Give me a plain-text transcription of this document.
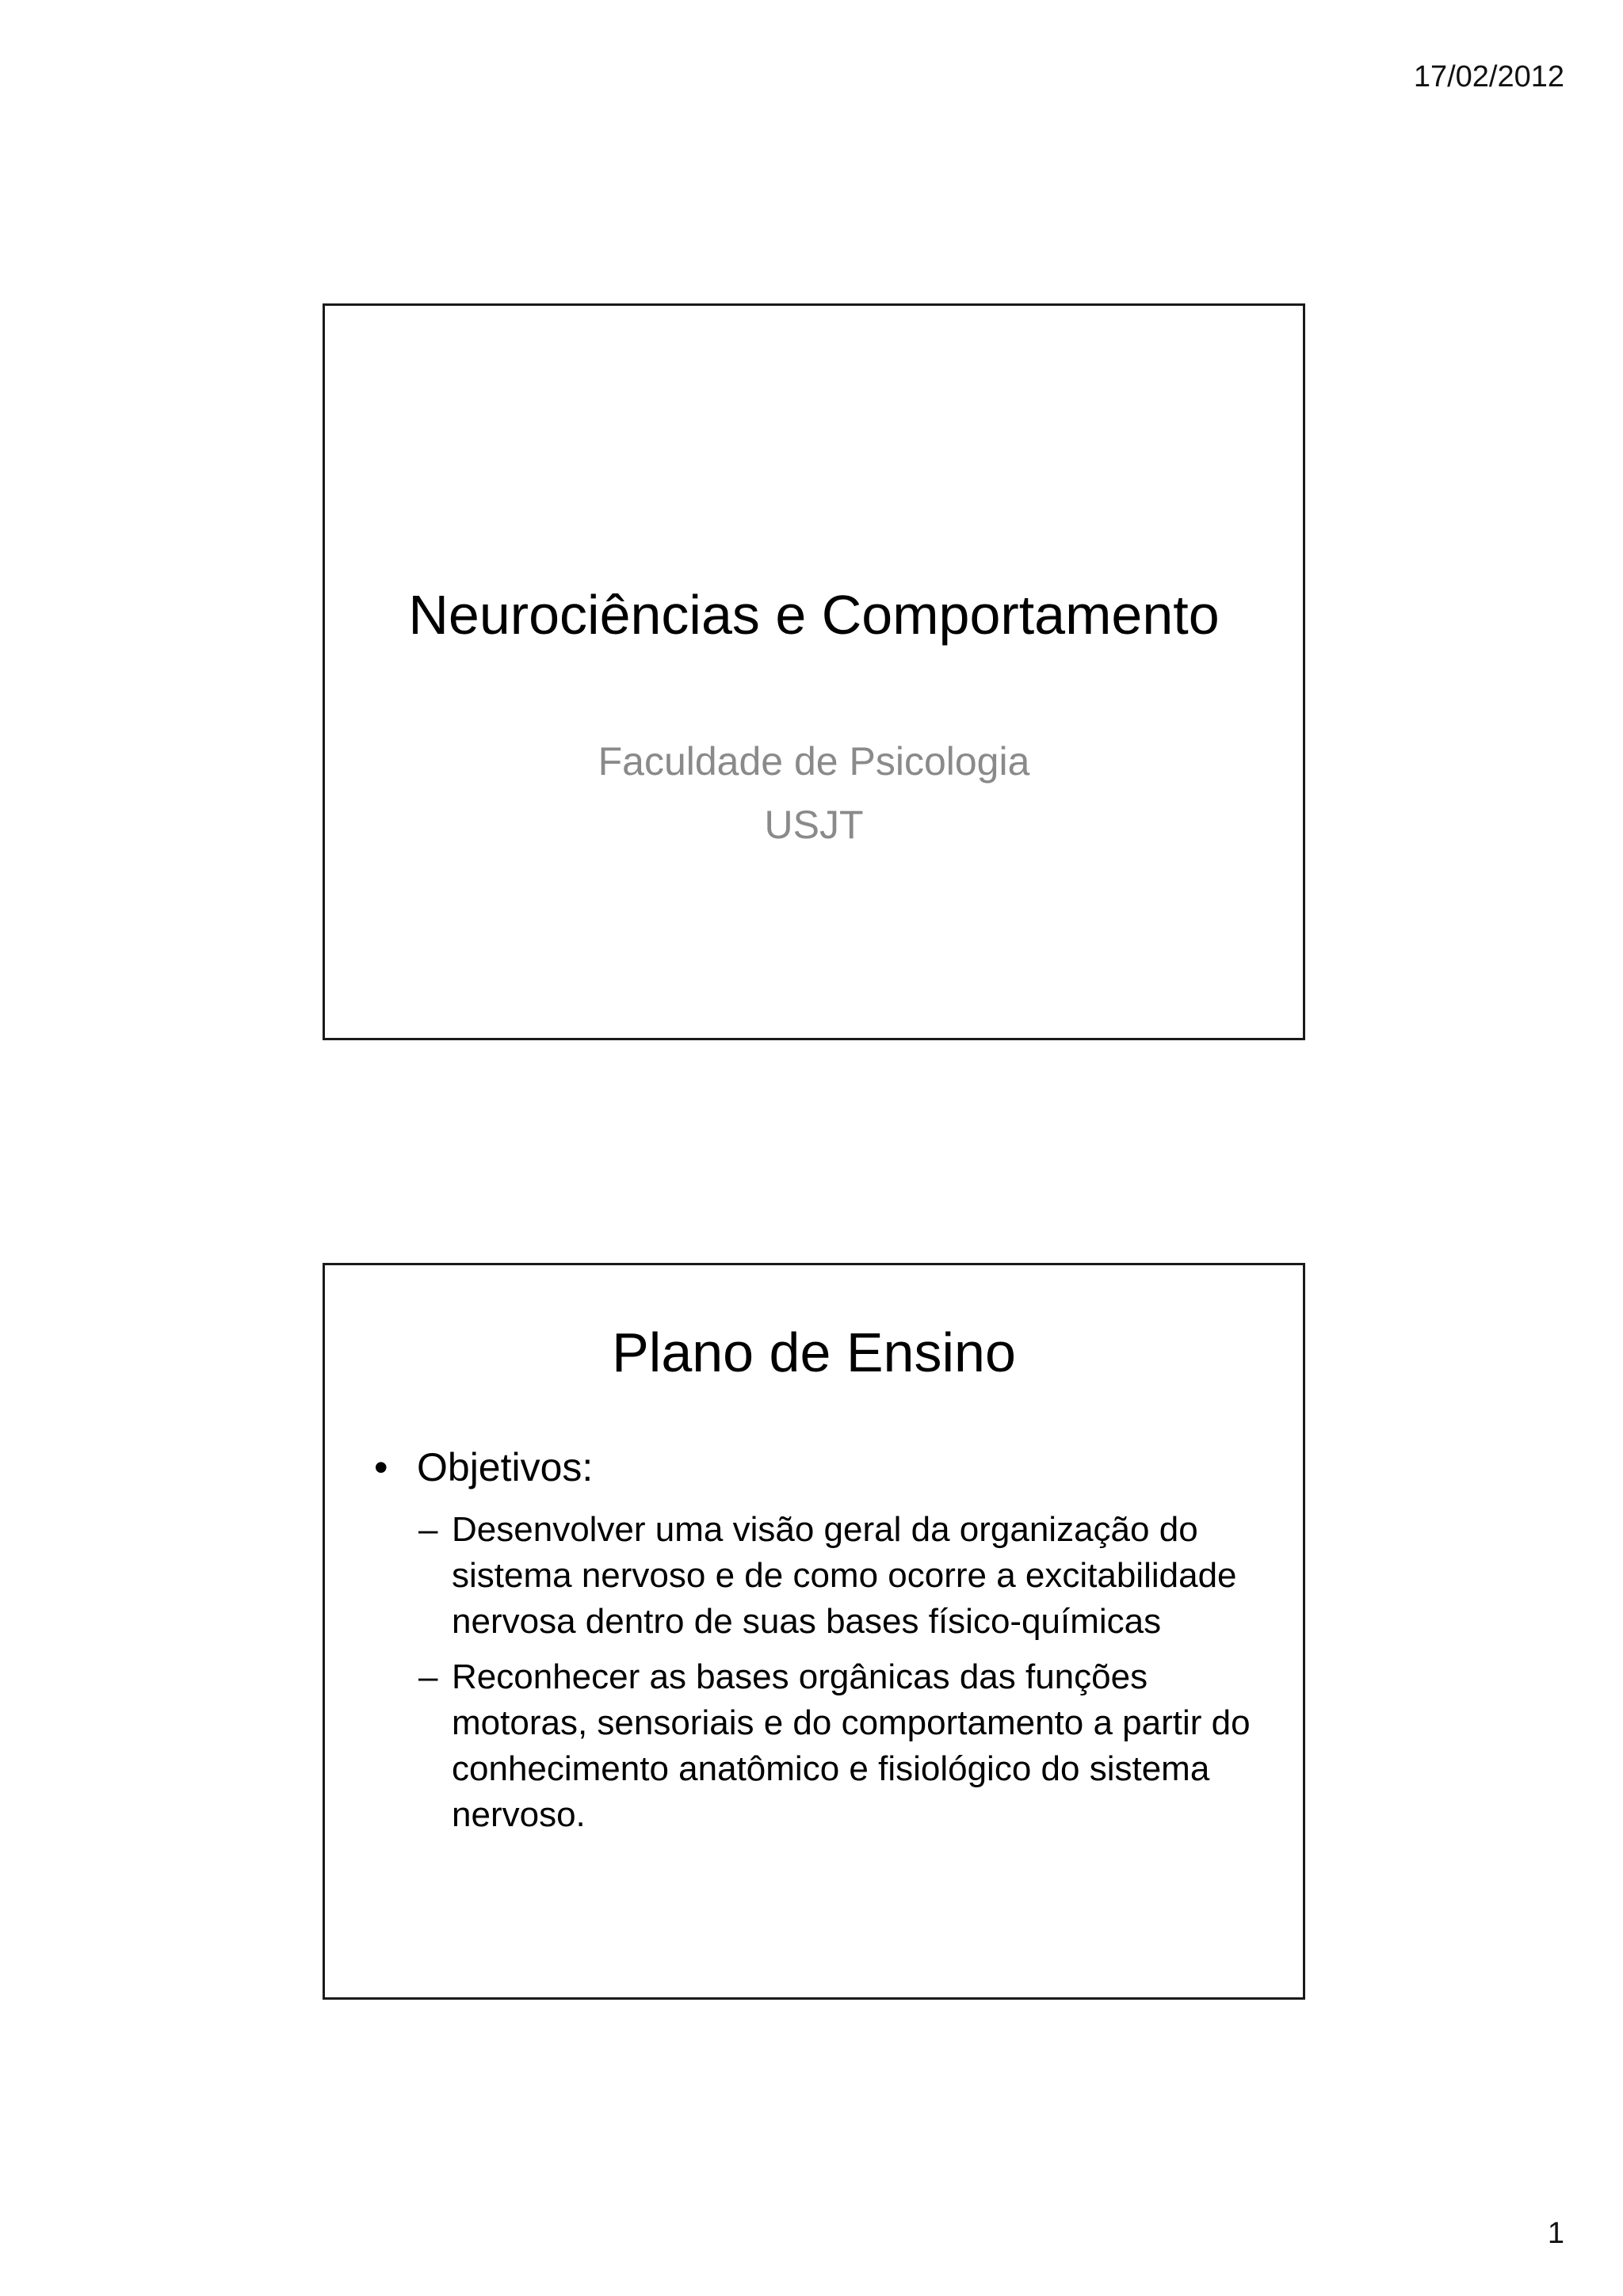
17/02/2012
Neurociências e Comportamento
Faculdade de Psicologia
USJT
Plano de Ensino
• Objetivos:
– Desenvolver uma visão geral da organização do sistema nervoso e de como ocorre a excitabilidade nervosa dentro de suas bases físico-químicas
– Reconhecer as bases orgânicas das funções motoras, sensoriais e do comportamento a partir do conhecimento anatômico e fisiológico do sistema nervoso.
1
